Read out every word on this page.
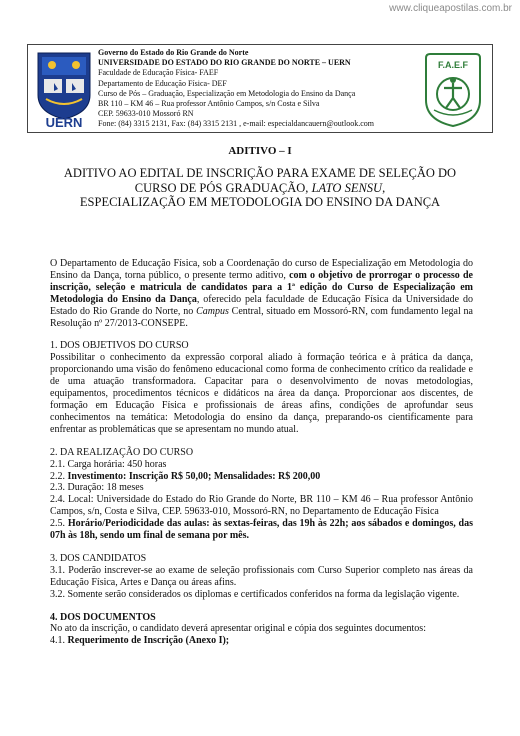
www.cliqueapostilas.com.br
UERN
Governo do Estado do Rio Grande do Norte
UNIVERSIDADE DO ESTADO DO RIO GRANDE DO NORTE – UERN
Faculdade de Educação Física- FAEF
Departamento de Educação Física- DEF
Curso de Pós – Graduação, Especialização em Metodologia do Ensino da Dança
BR 110 – KM 46 – Rua professor Antônio Campos, s/n Costa e Silva
CEP. 59633-010 Mossoró RN
Fone: (84) 3315 2131, Fax: (84) 3315 2131 , e-mail: especialdancauern@outlook.com
F.A.E.F
ADITIVO – I
ADITIVO AO EDITAL DE INSCRIÇÃO PARA EXAME DE SELEÇÃO DO
CURSO DE PÓS GRADUAÇÃO, LATO SENSU,
ESPECIALIZAÇÃO EM METODOLOGIA DO ENSINO DA DANÇA

O Departamento de Educação Física, sob a Coordenação do curso de Especialização em Metodologia do Ensino da Dança, torna público, o presente termo aditivo, com o objetivo de prorrogar o processo de inscrição, seleção e matricula de candidatos para a 1ª edição do Curso de Especialização em Metodologia do Ensino da Dança, oferecido pela faculdade de Educação Física da Universidade do Estado do Rio Grande do Norte, no Campus Central, situado em Mossoró-RN, com fundamento legal na Resolução nº 27/2013-CONSEPE.

1. DOS OBJETIVOS DO CURSO

Possibilitar o conhecimento da expressão corporal aliado à formação teórica e à prática da dança, proporcionando uma visão do fenômeno educacional como forma de conhecimento crítico da realidade e de uma atuação transformadora. Capacitar para o desenvolvimento de novas metodologias, equipamentos, procedimentos técnicos e didáticos na área da dança. Proporcionar aos discentes, de formação em Educação Física e profissionais de áreas afins, condições de aprofundar seus conhecimentos na temática: Metodologia do ensino da dança, preparando-os cientificamente para enfrentar as problemáticas que se apresentam no mundo atual.

2. DA REALIZAÇÃO DO CURSO

2.1. Carga horária: 450 horas

2.2. Investimento: Inscrição R$ 50,00; Mensalidades: R$ 200,00

2.3. Duração: 18 meses

2.4. Local: Universidade do Estado do Rio Grande do Norte, BR 110 – KM 46 – Rua professor Antônio Campos, s/n, Costa e Silva, CEP. 59633-010, Mossoró-RN, no Departamento de Educação Física

2.5. Horário/Periodicidade das aulas: às sextas-feiras, das 19h às 22h; aos sábados e domingos, das 07h às 18h, sendo um final de semana por mês.

3. DOS CANDIDATOS

3.1. Poderão inscrever-se ao exame de seleção profissionais com Curso Superior completo nas áreas da Educação Física, Artes e Dança ou áreas afins.

3.2. Somente serão considerados os diplomas e certificados conferidos na forma da legislação vigente.

4. DOS DOCUMENTOS

No ato da inscrição, o candidato deverá apresentar original e cópia dos seguintes documentos:

4.1. Requerimento de Inscrição (Anexo I);
